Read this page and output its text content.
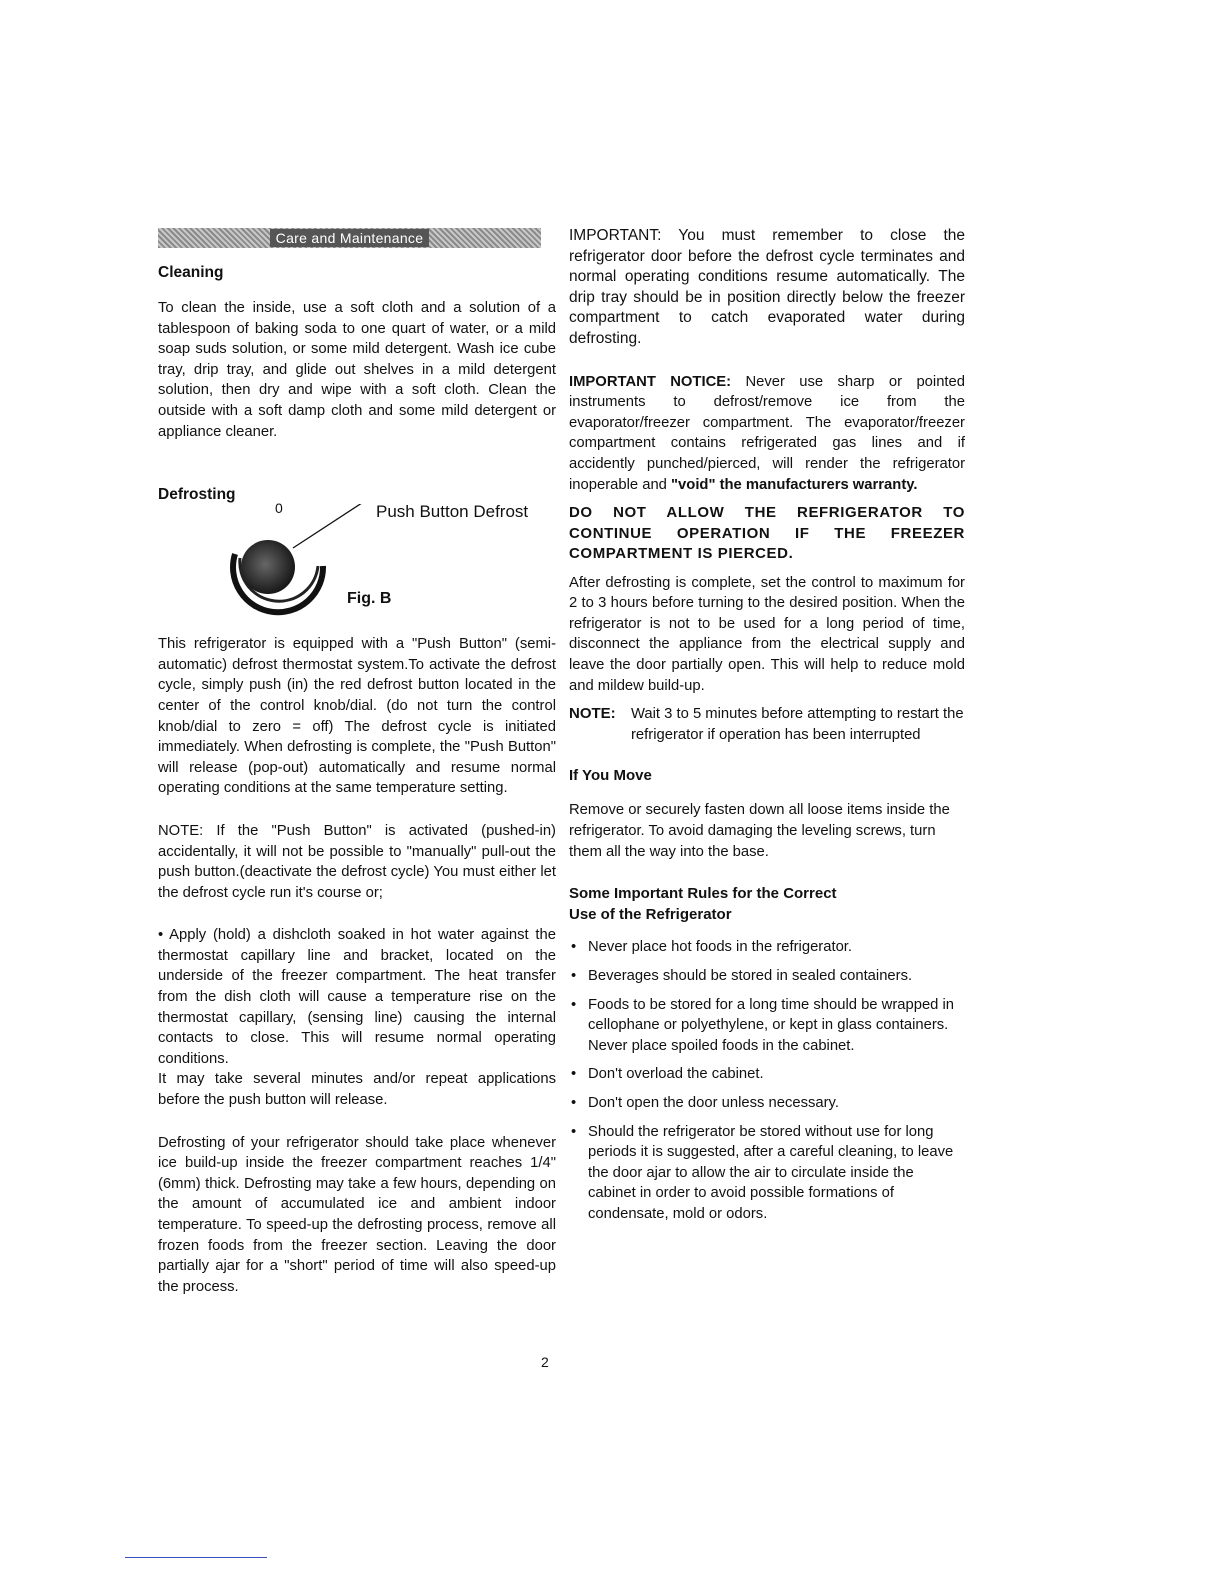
Care and Maintenance
Cleaning

To clean the inside, use a soft cloth and a solution of a tablespoon of baking soda to one quart of water, or a mild soap suds solution, or some mild detergent. Wash ice cube tray, drip tray, and glide out shelves in a mild detergent solution, then dry and wipe with a soft cloth. Clean the outside with a soft damp cloth and some mild detergent or appliance cleaner.

Defrosting
0	Push Button Defrost
Fig. B

This refrigerator is equipped with a "Push Button" (semi-automatic) defrost thermostat system.To activate the defrost cycle, simply push (in) the red defrost button located in the center of the control knob/dial. (do not turn the control knob/dial to zero = off) The defrost cycle is initiated immediately. When defrosting is complete, the "Push Button" will release (pop-out) automatically and resume normal operating conditions at the same temperature setting.

NOTE: If the "Push Button" is activated (pushed-in) accidentally, it will not be possible to "manually" pull-out the push button.(deactivate the defrost cycle) You must either let the defrost cycle run it's course or;

• Apply (hold) a dishcloth soaked in hot water against the thermostat capillary line and bracket, located on the underside of the freezer compartment. The heat transfer from the dish cloth will cause a temperature rise on the thermostat capillary, (sensing line) causing the internal contacts to close. This will resume normal operating conditions.

It may take several minutes and/or repeat applications before the push button will release.

Defrosting of your refrigerator should take place whenever ice build-up inside the freezer compartment reaches 1/4" (6mm) thick. Defrosting may take a few hours, depending on the amount of accumulated ice and ambient indoor temperature. To speed-up the defrosting process, remove all frozen foods from the freezer section. Leaving the door partially ajar for a "short" period of time will also speed-up the process.

IMPORTANT: You must remember to close the refrigerator door before the defrost cycle terminates and normal operating conditions resume automatically. The drip tray should be in position directly below the freezer compartment to catch evaporated water during defrosting.

IMPORTANT NOTICE: Never use sharp or pointed instruments to defrost/remove ice from the evaporator/freezer compartment. The evaporator/freezer compartment contains refrigerated gas lines and if accidently punched/pierced, will render the refrigerator inoperable and "void" the manufacturers warranty.

DO NOT ALLOW THE REFRIGERATOR TO CONTINUE OPERATION IF THE FREEZER COMPARTMENT IS PIERCED.

After defrosting is complete, set the control to maximum for 2 to 3 hours before turning to the desired position. When the refrigerator is not to be used for a long period of time, disconnect the appliance from the electrical supply and leave the door partially open. This will help to reduce mold and mildew build-up.

NOTE:	Wait 3 to 5 minutes before attempting to restart the refrigerator if operation has been interrupted

If You Move

Remove or securely fasten down all loose items inside the refrigerator. To avoid damaging the leveling screws, turn them all the way into the base.

Some Important Rules for the Correct
Use of the Refrigerator
• Never place hot foods in the refrigerator.
• Beverages should be stored in sealed containers.
• Foods to be stored for a long time should be wrapped in cellophane or polyethylene, or kept in glass containers. Never place spoiled foods in the cabinet.
• Don't overload the cabinet.
• Don't open the door unless necessary.
• Should the refrigerator be stored without use for long periods it is suggested, after a careful cleaning, to leave the door ajar to allow the air to circulate inside the cabinet in order to avoid possible formations of condensate, mold or odors.
2
